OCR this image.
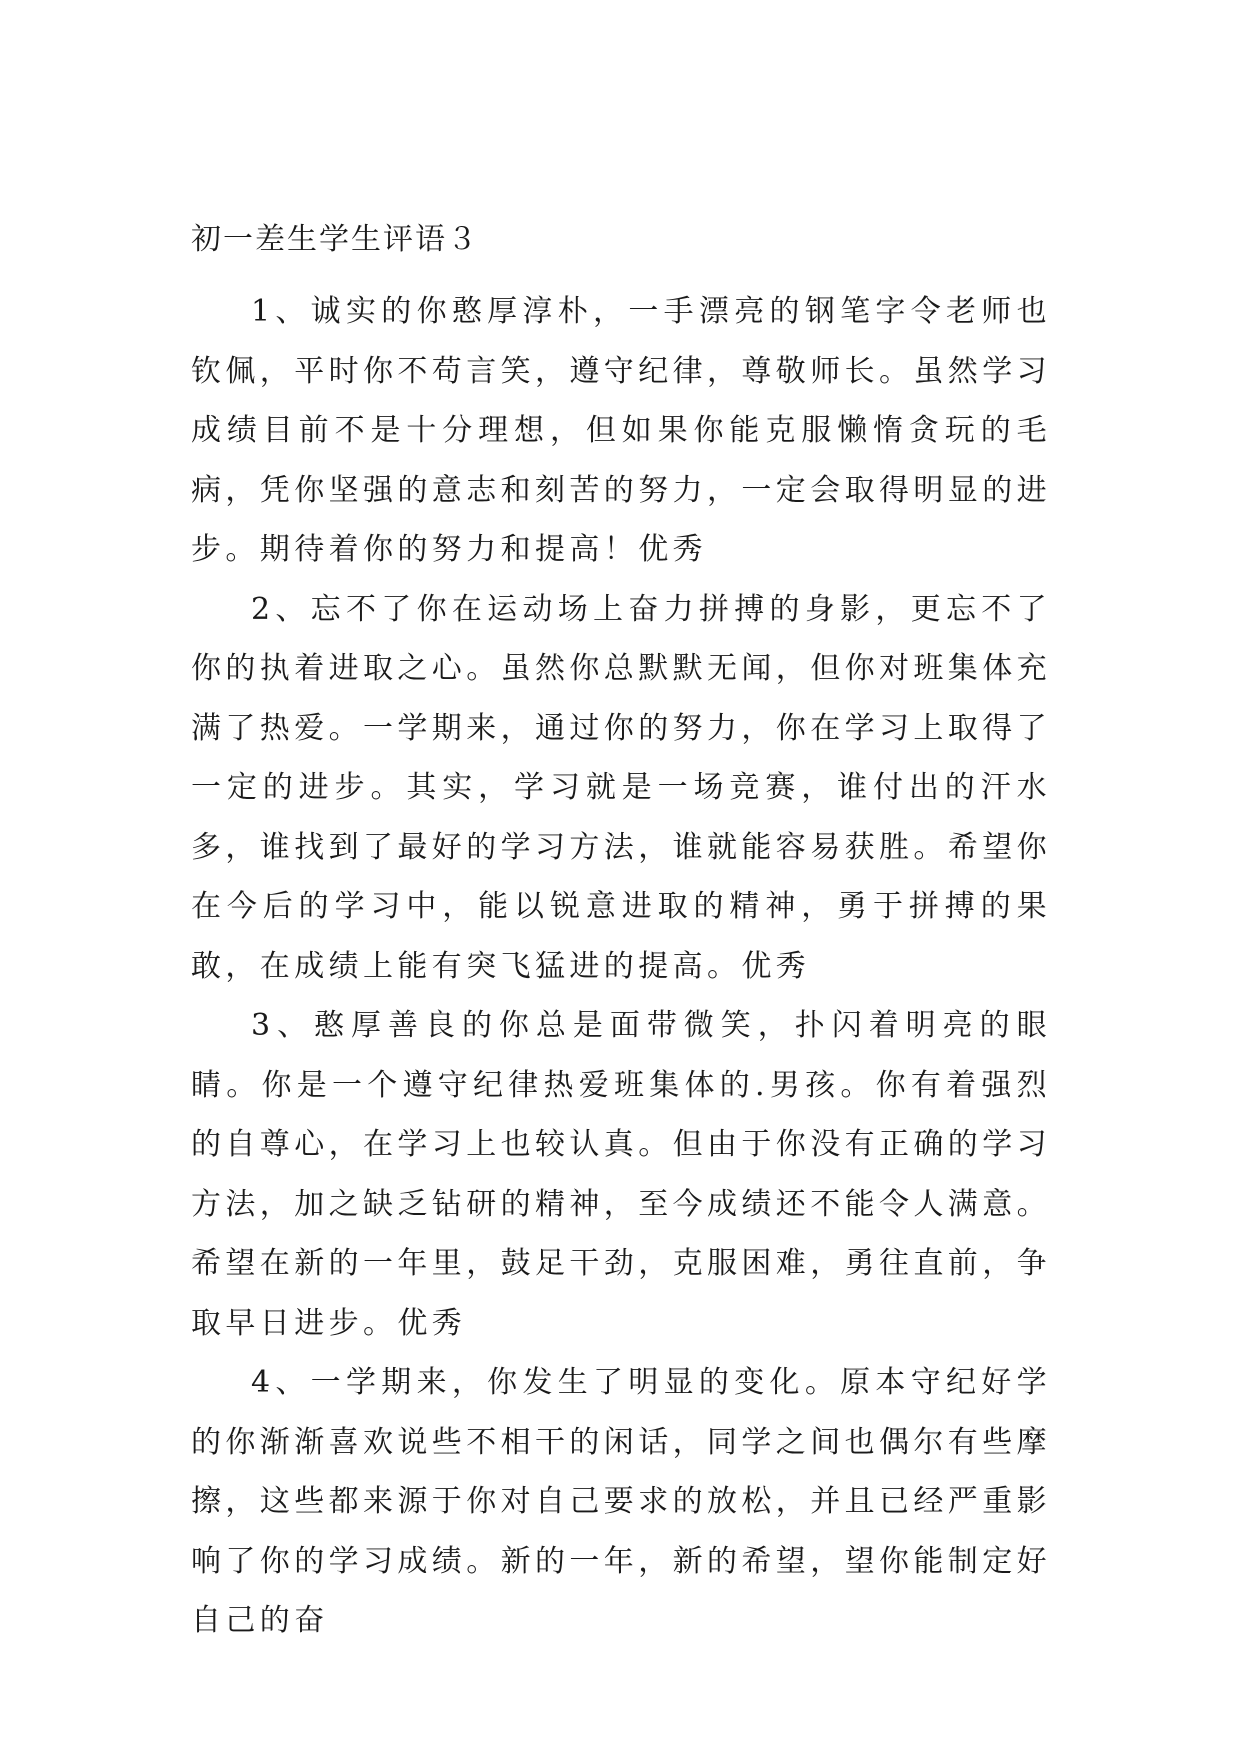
初一差生学生评语３

1、诚实的你憨厚淳朴，一手漂亮的钢笔字令老师也钦佩，平时你不苟言笑，遵守纪律，尊敬师长。虽然学习成绩目前不是十分理想，但如果你能克服懒惰贪玩的毛病，凭你坚强的意志和刻苦的努力，一定会取得明显的进步。期待着你的努力和提高！优秀

2、忘不了你在运动场上奋力拼搏的身影，更忘不了你的执着进取之心。虽然你总默默无闻，但你对班集体充满了热爱。一学期来，通过你的努力，你在学习上取得了一定的进步。其实，学习就是一场竞赛，谁付出的汗水多，谁找到了最好的学习方法，谁就能容易获胜。希望你在今后的学习中，能以锐意进取的精神，勇于拼搏的果敢，在成绩上能有突飞猛进的提高。优秀

3、憨厚善良的你总是面带微笑，扑闪着明亮的眼睛。你是一个遵守纪律热爱班集体的.男孩。你有着强烈的自尊心，在学习上也较认真。但由于你没有正确的学习方法，加之缺乏钻研的精神，至今成绩还不能令人满意。希望在新的一年里，鼓足干劲，克服困难，勇往直前，争取早日进步。优秀

4、一学期来，你发生了明显的变化。原本守纪好学的你渐渐喜欢说些不相干的闲话，同学之间也偶尔有些摩擦，这些都来源于你对自己要求的放松，并且已经严重影响了你的学习成绩。新的一年，新的希望，望你能制定好自己的奋
